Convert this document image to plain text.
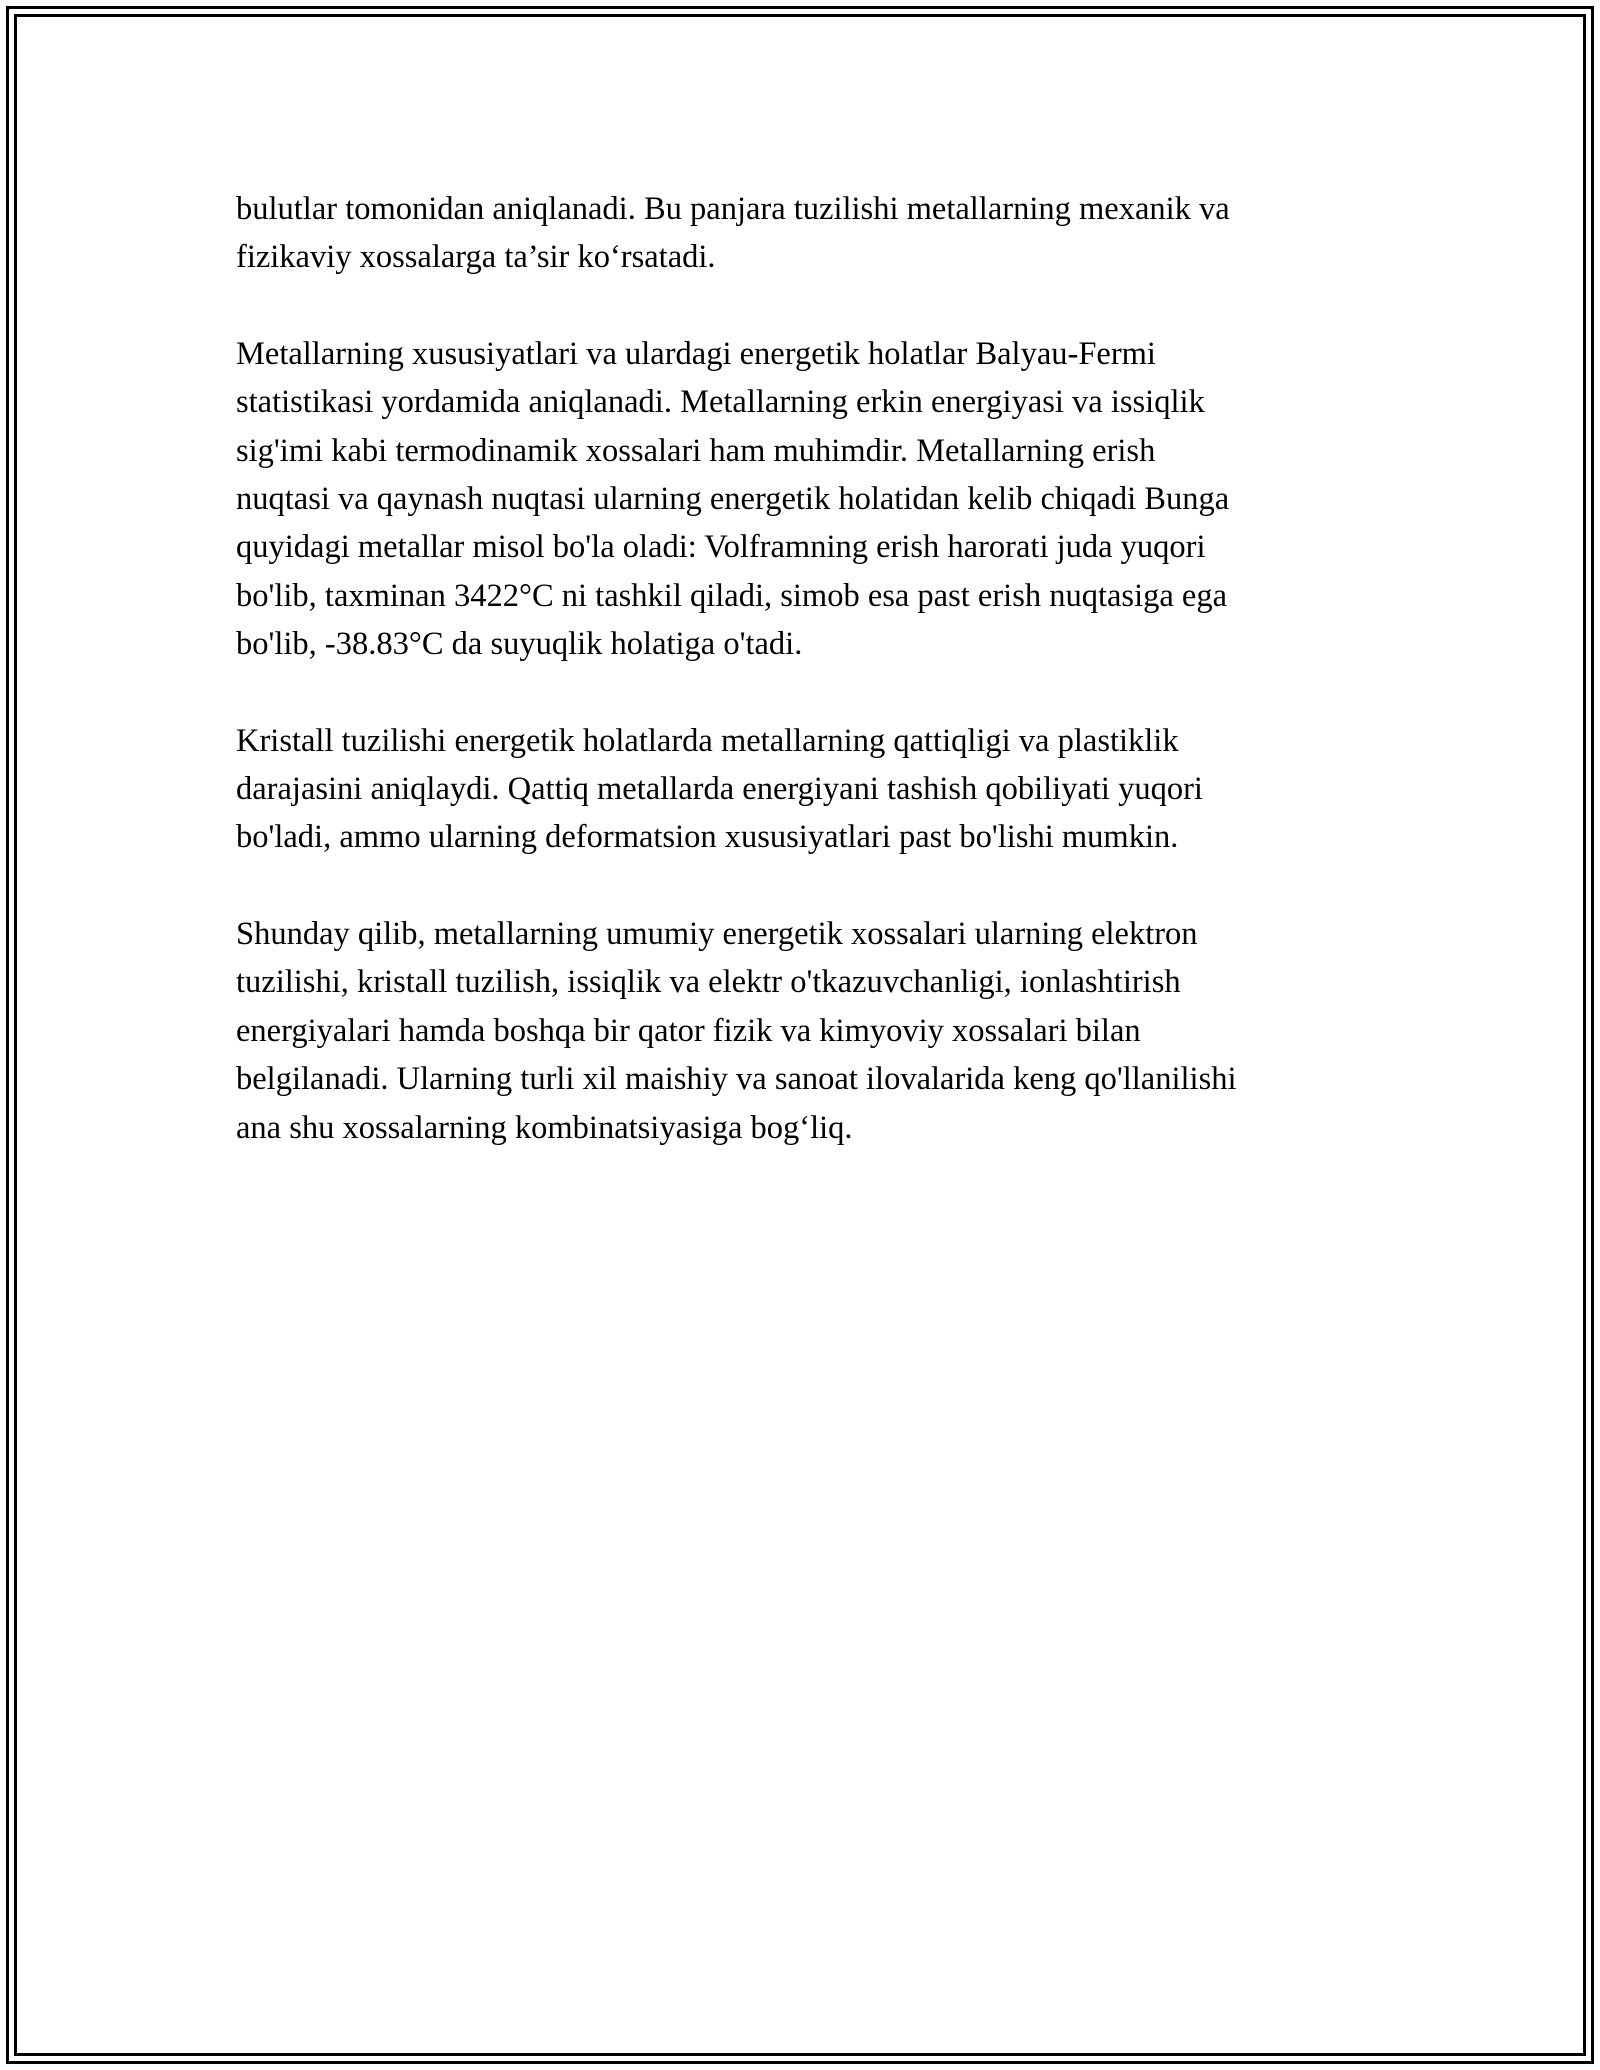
bulutlar tomonidan aniqlanadi. Bu panjara tuzilishi metallarning mexanik va
fizikaviy xossalarga ta’sir ko‘rsatadi.

Metallarning xususiyatlari va ulardagi energetik holatlar Balyau-Fermi
statistikasi yordamida aniqlanadi. Metallarning erkin energiyasi va issiqlik
sig'imi kabi termodinamik xossalari ham muhimdir. Metallarning erish
nuqtasi va qaynash nuqtasi ularning energetik holatidan kelib chiqadi Bunga
quyidagi metallar misol bo'la oladi: Volframning erish harorati juda yuqori
bo'lib, taxminan 3422°C ni tashkil qiladi, simob esa past erish nuqtasiga ega
bo'lib, -38.83°C da suyuqlik holatiga o'tadi.

Kristall tuzilishi energetik holatlarda metallarning qattiqligi va plastiklik
darajasini aniqlaydi. Qattiq metallarda energiyani tashish qobiliyati yuqori
bo'ladi, ammo ularning deformatsion xususiyatlari past bo'lishi mumkin.

Shunday qilib, metallarning umumiy energetik xossalari ularning elektron
tuzilishi, kristall tuzilish, issiqlik va elektr o'tkazuvchanligi, ionlashtirish
energiyalari hamda boshqa bir qator fizik va kimyoviy xossalari bilan
belgilanadi. Ularning turli xil maishiy va sanoat ilovalarida keng qo'llanilishi
ana shu xossalarning kombinatsiyasiga bog‘liq.
